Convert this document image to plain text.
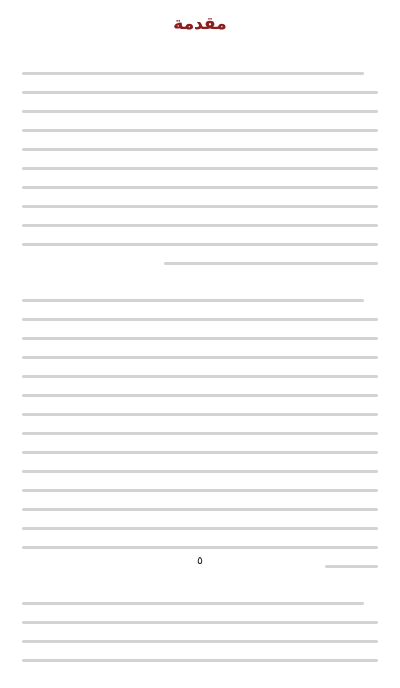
مقدمة

٥
